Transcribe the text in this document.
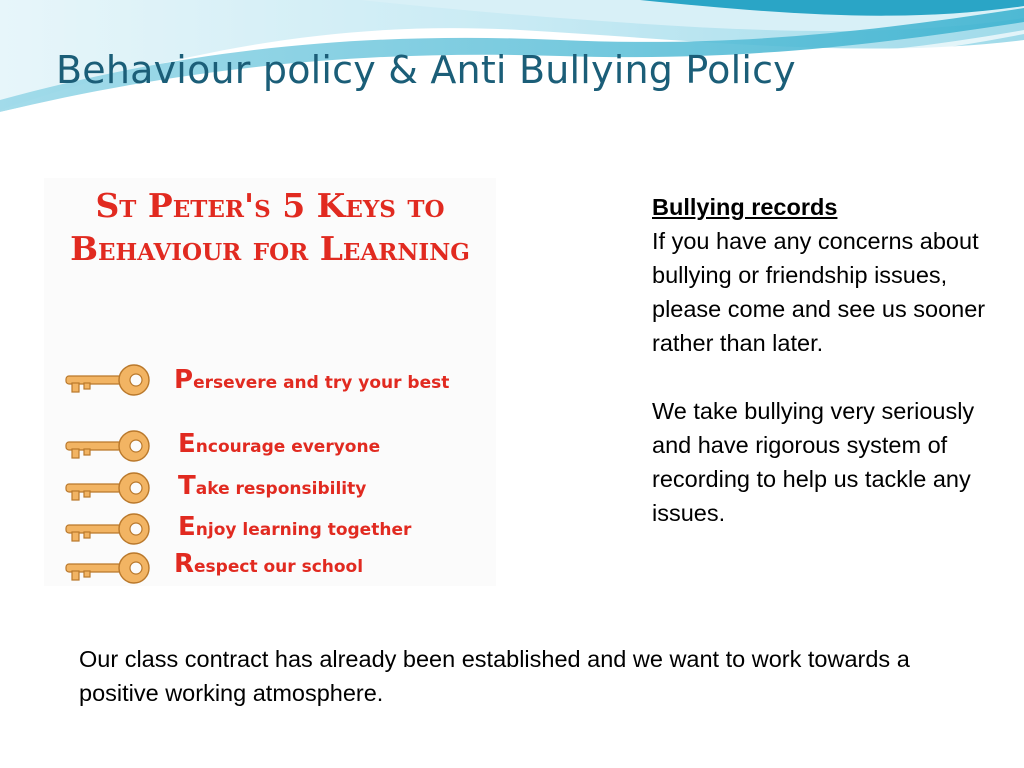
Behaviour policy & Anti Bullying Policy
St Peter's 5 Keys to Behaviour for Learning
Persevere and try your best
Encourage everyone
Take responsibility
Enjoy learning together
Respect our school
Bullying records

If you have any concerns about bullying or friendship issues, please come and see us sooner rather than later.

We take bullying very seriously and have rigorous system of recording to help us tackle any issues.

Our class contract has already been established and we want to work towards a positive working atmosphere.
